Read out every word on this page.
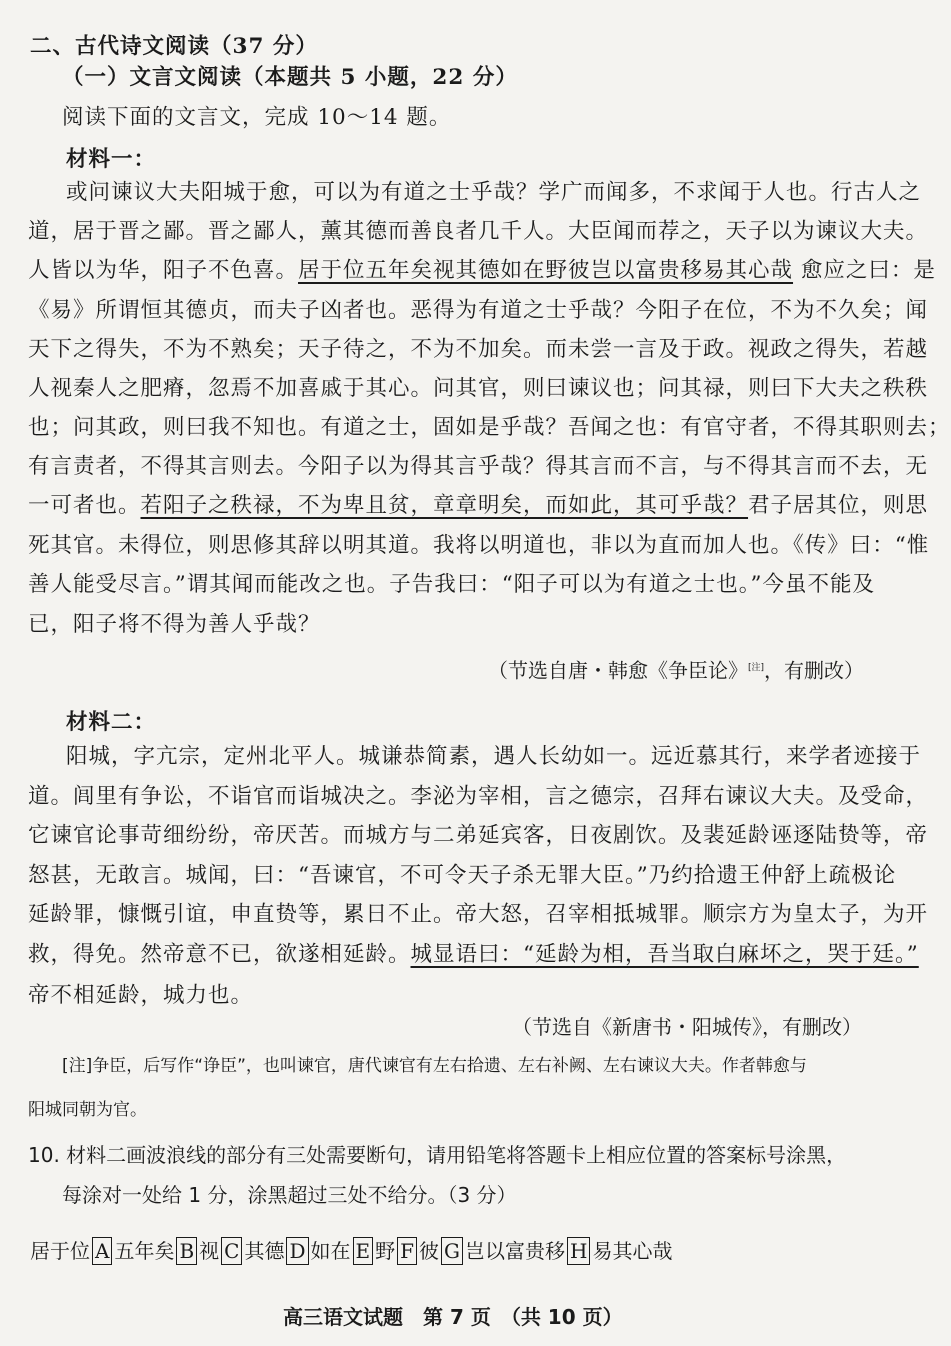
二、古代诗文阅读（37 分）
（一）文言文阅读（本题共 5 小题，22 分）
阅读下面的文言文，完成 10～14 题。
材料一：
或问谏议大夫阳城于愈，可以为有道之士乎哉？学广而闻多，不求闻于人也。行古人之
道，居于晋之鄙。晋之鄙人，薰其德而善良者几千人。大臣闻而荐之，天子以为谏议大夫。
人皆以为华，阳子不色喜。居于位五年矣视其德如在野彼岂以富贵移易其心哉 愈应之曰：是
《易》所谓恒其德贞，而夫子凶者也。恶得为有道之士乎哉？今阳子在位，不为不久矣；闻
天下之得失，不为不熟矣；天子待之，不为不加矣。而未尝一言及于政。视政之得失，若越
人视秦人之肥瘠，忽焉不加喜戚于其心。问其官，则曰谏议也；问其禄，则曰下大夫之秩秩
也；问其政，则曰我不知也。有道之士，固如是乎哉？吾闻之也：有官守者，不得其职则去；
有言责者，不得其言则去。今阳子以为得其言乎哉？得其言而不言，与不得其言而不去，无
一可者也。若阳子之秩禄，不为卑且贫，章章明矣，而如此，其可乎哉？君子居其位，则思
死其官。未得位，则思修其辞以明其道。我将以明道也，非以为直而加人也。《传》曰：“惟
善人能受尽言。”谓其闻而能改之也。子告我曰：“阳子可以为有道之士也。”今虽不能及
已，阳子将不得为善人乎哉？
（节选自唐・韩愈《争臣论》[注]，有删改）
材料二：
阳城，字亢宗，定州北平人。城谦恭简素，遇人长幼如一。远近慕其行，来学者迹接于
道。闾里有争讼，不诣官而诣城决之。李泌为宰相，言之德宗，召拜右谏议大夫。及受命，
它谏官论事苛细纷纷，帝厌苦。而城方与二弟延宾客，日夜剧饮。及裴延龄诬逐陆贽等，帝
怒甚，无敢言。城闻，曰：“吾谏官，不可令天子杀无罪大臣。”乃约拾遗王仲舒上疏极论
延龄罪，慷慨引谊，申直贽等，累日不止。帝大怒，召宰相抵城罪。顺宗方为皇太子，为开
救，得免。然帝意不已，欲遂相延龄。城显语曰：“延龄为相，吾当取白麻坏之，哭于廷。”
帝不相延龄，城力也。
（节选自《新唐书・阳城传》，有删改）
[注]争臣，后写作“诤臣”，也叫谏官，唐代谏官有左右拾遗、左右补阙、左右谏议大夫。作者韩愈与
阳城同朝为官。
10. 材料二画波浪线的部分有三处需要断句，请用铅笔将答题卡上相应位置的答案标号涂黑，
每涂对一处给 1 分，涂黑超过三处不给分。（3 分）
居于位 A 五年矣 B 视 C 其德 D 如在 E 野 F 彼 G 岂以富贵移 H 易其心哉
高三语文试题　第 7 页　（共 10 页）
